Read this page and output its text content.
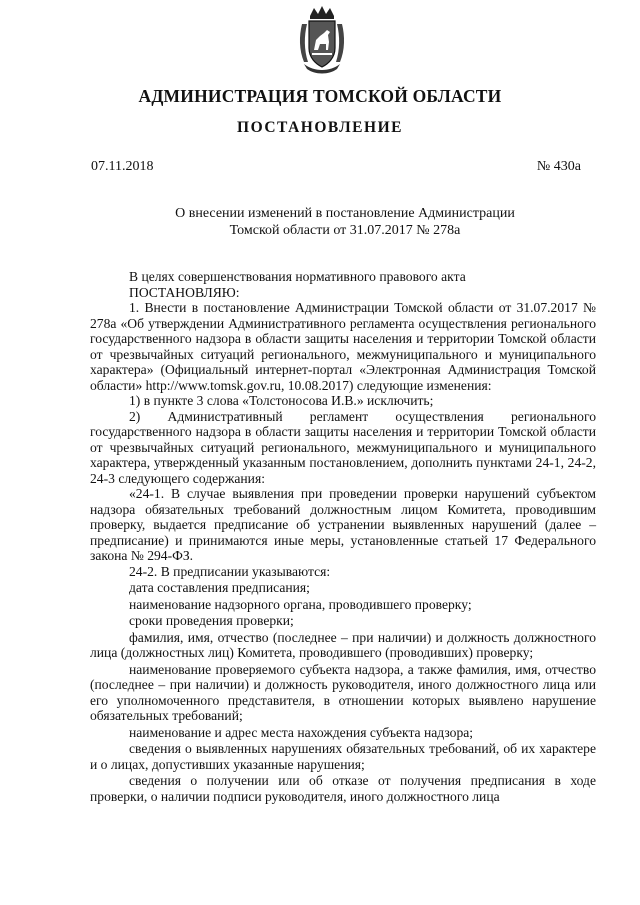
АДМИНИСТРАЦИЯ ТОМСКОЙ ОБЛАСТИ
ПОСТАНОВЛЕНИЕ
07.11.2018	№ 430а
О внесении изменений в постановление Администрации
Томской области от 31.07.2017 № 278а

В целях совершенствования нормативного правового акта

ПОСТАНОВЛЯЮ:

1. Внести в постановление Администрации Томской области от 31.07.2017 № 278а «Об утверждении Административного регламента осуществления регионального государственного надзора в области защиты населения и территории Томской области от чрезвычайных ситуаций регионального, межмуниципального и муниципального характера» (Официальный интернет-портал «Электронная Администрация Томской области» http://www.tomsk.gov.ru, 10.08.2017) следующие изменения:

1) в пункте 3 слова «Толстоносова И.В.» исключить;

2) Административный регламент осуществления регионального государственного надзора в области защиты населения и территории Томской области от чрезвычайных ситуаций регионального, межмуниципального и муниципального характера, утвержденный указанным постановлением, дополнить пунктами 24-1, 24-2, 24-3 следующего содержания:

«24-1. В случае выявления при проведении проверки нарушений субъектом надзора обязательных требований должностным лицом Комитета, проводившим проверку, выдается предписание об устранении выявленных нарушений (далее – предписание) и принимаются иные меры, установленные статьей 17 Федерального закона № 294-ФЗ.

24-2. В предписании указываются:

дата составления предписания;

наименование надзорного органа, проводившего проверку;

сроки проведения проверки;

фамилия, имя, отчество (последнее – при наличии) и должность должностного лица (должностных лиц) Комитета, проводившего (проводивших) проверку;

наименование проверяемого субъекта надзора, а также фамилия, имя, отчество (последнее – при наличии) и должность руководителя, иного должностного лица или его уполномоченного представителя, в отношении которых выявлено нарушение обязательных требований;

наименование и адрес места нахождения субъекта надзора;

сведения о выявленных нарушениях обязательных требований, об их характере и о лицах, допустивших указанные нарушения;

сведения о получении или об отказе от получения предписания в ходе проверки, о наличии подписи руководителя, иного должностного лица
